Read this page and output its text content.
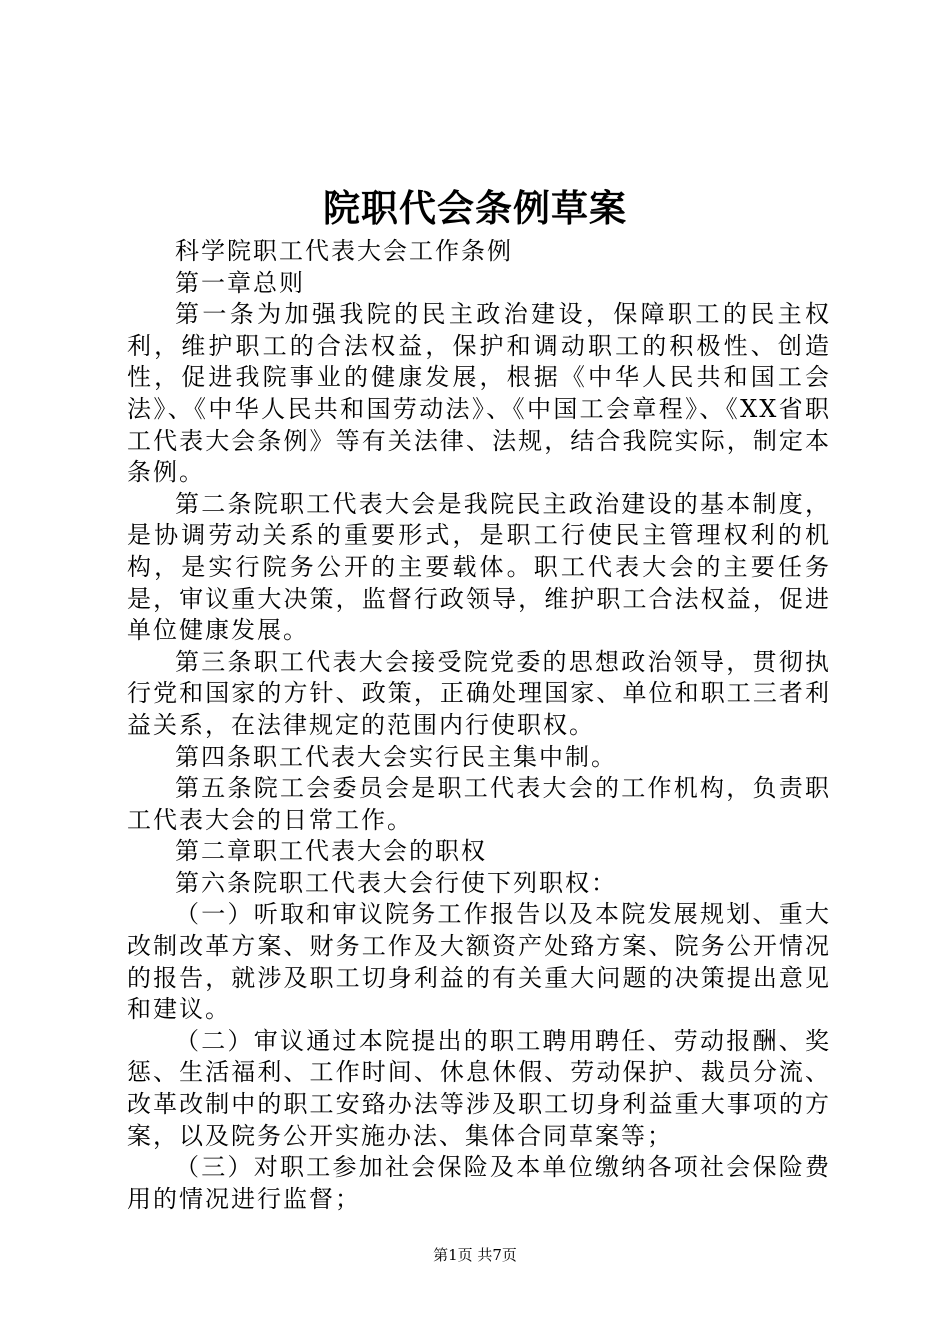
院职代会条例草案

科学院职工代表大会工作条例

第一章总则

第一条为加强我院的民主政治建设，保障职工的民主权利，维护职工的合法权益，保护和调动职工的积极性、创造性，促进我院事业的健康发展，根据《中华人民共和国工会法》、《中华人民共和国劳动法》、《中国工会章程》、《XX省职工代表大会条例》等有关法律、法规，结合我院实际，制定本条例。

第二条院职工代表大会是我院民主政治建设的基本制度，是协调劳动关系的重要形式，是职工行使民主管理权利的机构，是实行院务公开的主要载体。职工代表大会的主要任务是，审议重大决策，监督行政领导，维护职工合法权益，促进单位健康发展。

第三条职工代表大会接受院党委的思想政治领导，贯彻执行党和国家的方针、政策，正确处理国家、单位和职工三者利益关系，在法律规定的范围内行使职权。

第四条职工代表大会实行民主集中制。

第五条院工会委员会是职工代表大会的工作机构，负责职工代表大会的日常工作。

第二章职工代表大会的职权

第六条院职工代表大会行使下列职权：

（一）听取和审议院务工作报告以及本院发展规划、重大改制改革方案、财务工作及大额资产处臵方案、院务公开情况的报告，就涉及职工切身利益的有关重大问题的决策提出意见和建议。

（二）审议通过本院提出的职工聘用聘任、劳动报酬、奖惩、生活福利、工作时间、休息休假、劳动保护、裁员分流、改革改制中的职工安臵办法等涉及职工切身利益重大事项的方案，以及院务公开实施办法、集体合同草案等；

（三）对职工参加社会保险及本单位缴纳各项社会保险费用的情况进行监督；

第1页 共7页
